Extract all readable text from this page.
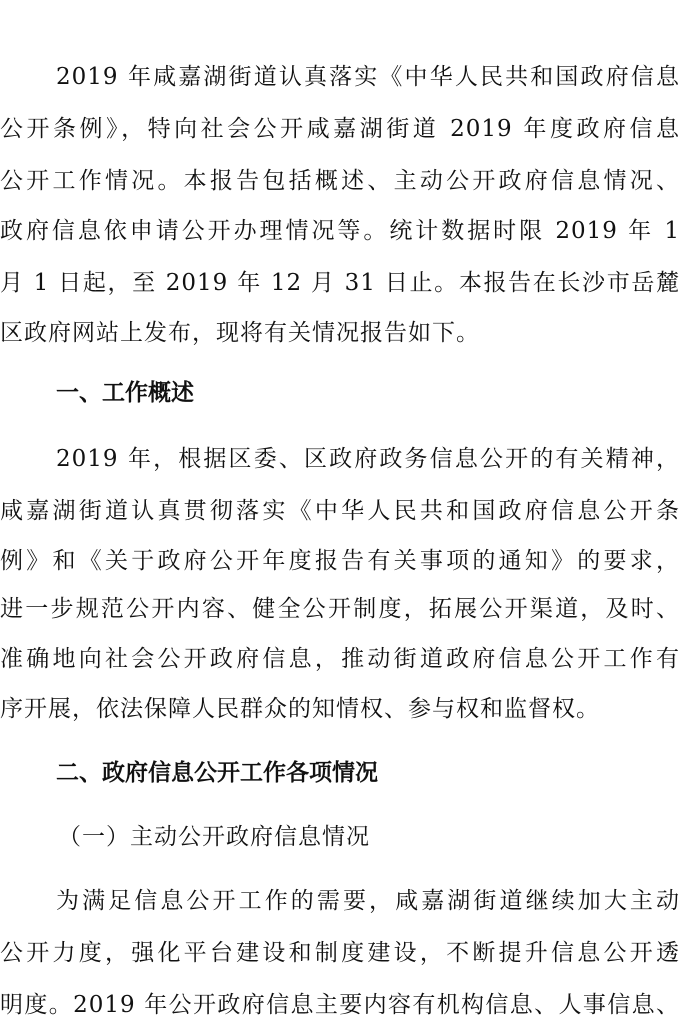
2019 年咸嘉湖街道认真落实《中华人民共和国政府信息
公开条例》，特向社会公开咸嘉湖街道 2019 年度政府信息
公开工作情况。本报告包括概述、主动公开政府信息情况、
政府信息依申请公开办理情况等。统计数据时限 2019 年 1
月 1 日起，至 2019 年 12 月 31 日止。本报告在长沙市岳麓
区政府网站上发布，现将有关情况报告如下。
一、工作概述
2019 年，根据区委、区政府政务信息公开的有关精神，
咸嘉湖街道认真贯彻落实《中华人民共和国政府信息公开条
例》和《关于政府公开年度报告有关事项的通知》的要求，
进一步规范公开内容、健全公开制度，拓展公开渠道，及时、
准确地向社会公开政府信息，推动街道政府信息公开工作有
序开展，依法保障人民群众的知情权、参与权和监督权。
二、政府信息公开工作各项情况
（一）主动公开政府信息情况
为满足信息公开工作的需要，咸嘉湖街道继续加大主动
公开力度，强化平台建设和制度建设，不断提升信息公开透
明度。2019 年公开政府信息主要内容有机构信息、人事信息、
